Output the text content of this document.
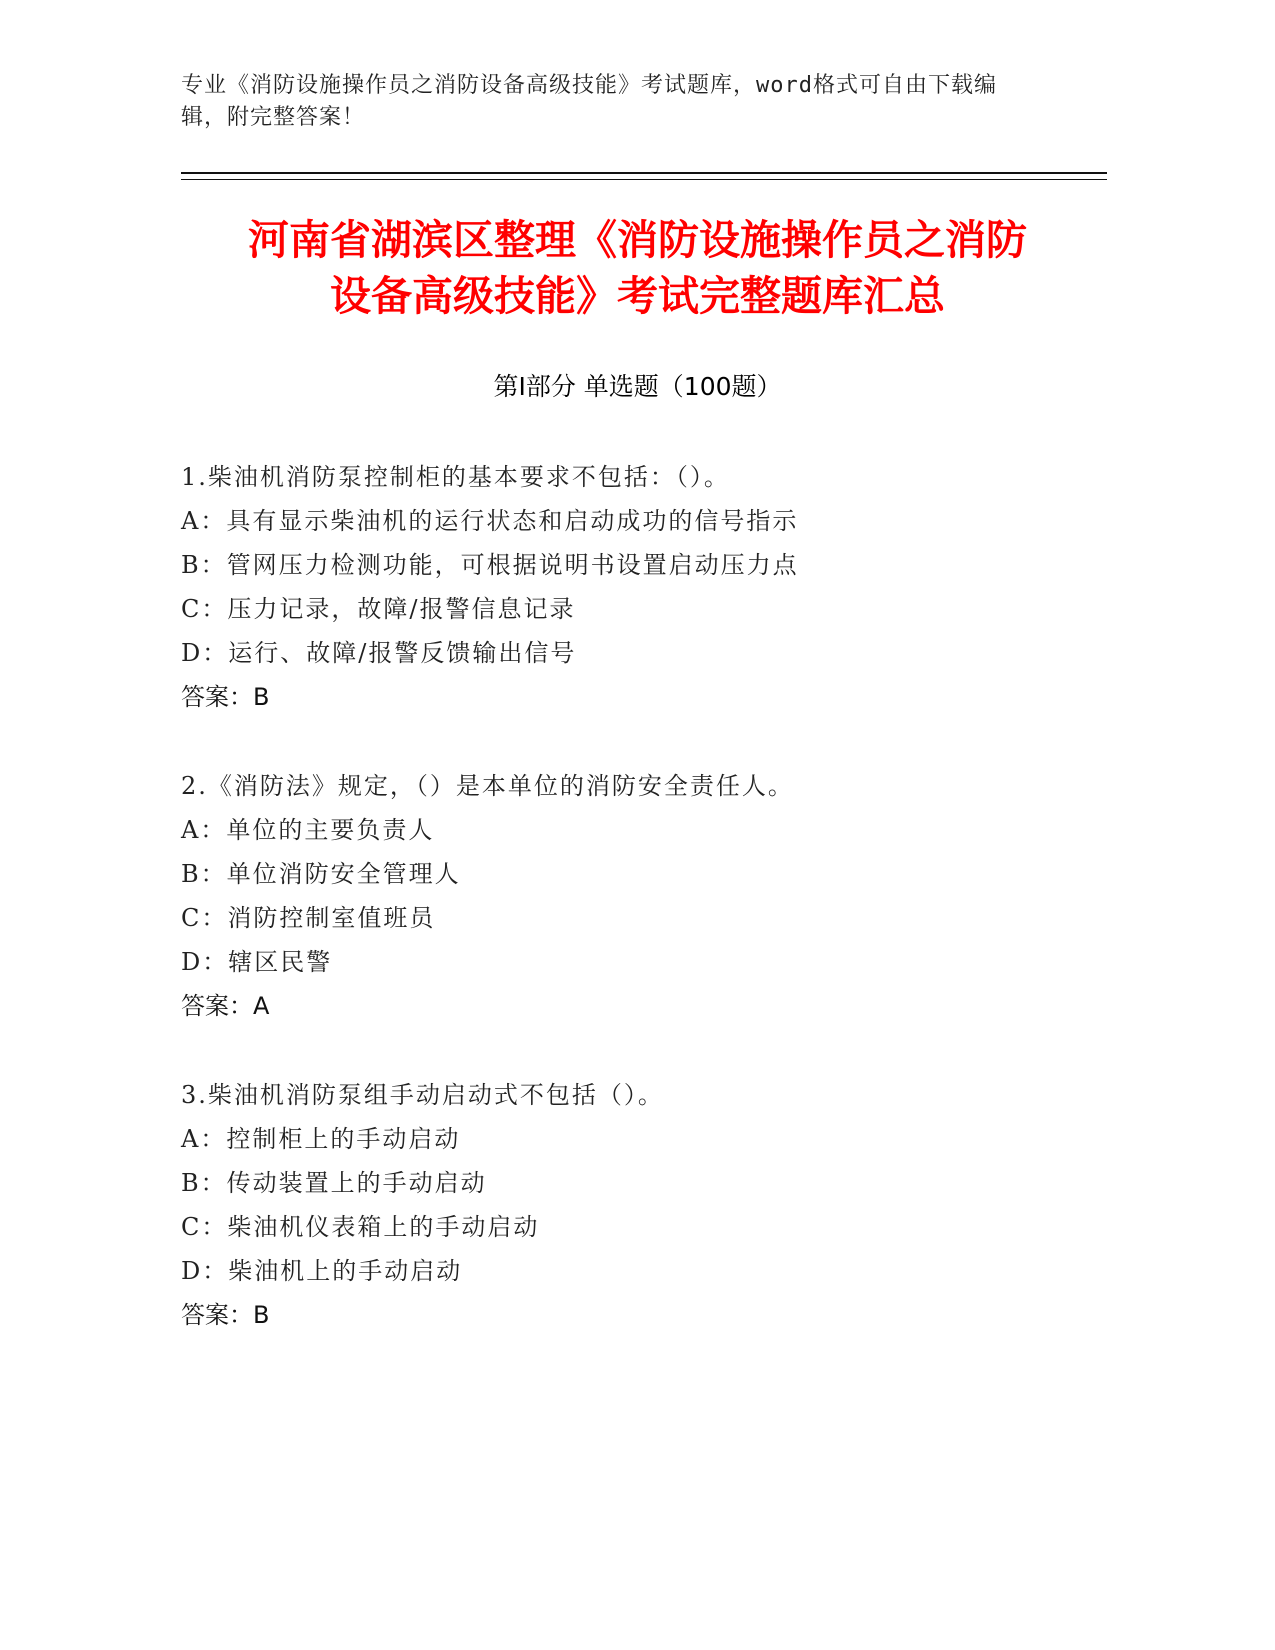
专业《消防设施操作员之消防设备高级技能》考试题库，word格式可自由下载编
辑，附完整答案！
河南省湖滨区整理《消防设施操作员之消防
设备高级技能》考试完整题库汇总
第I部分 单选题（100题）
1.柴油机消防泵控制柜的基本要求不包括：（）。
A：具有显示柴油机的运行状态和启动成功的信号指示
B：管网压力检测功能，可根据说明书设置启动压力点
C：压力记录，故障/报警信息记录
D：运行、故障/报警反馈输出信号
答案：B
2.《消防法》规定，（）是本单位的消防安全责任人。
A：单位的主要负责人
B：单位消防安全管理人
C：消防控制室值班员
D：辖区民警
答案：A
3.柴油机消防泵组手动启动式不包括（）。
A：控制柜上的手动启动
B：传动装置上的手动启动
C：柴油机仪表箱上的手动启动
D：柴油机上的手动启动
答案：B
